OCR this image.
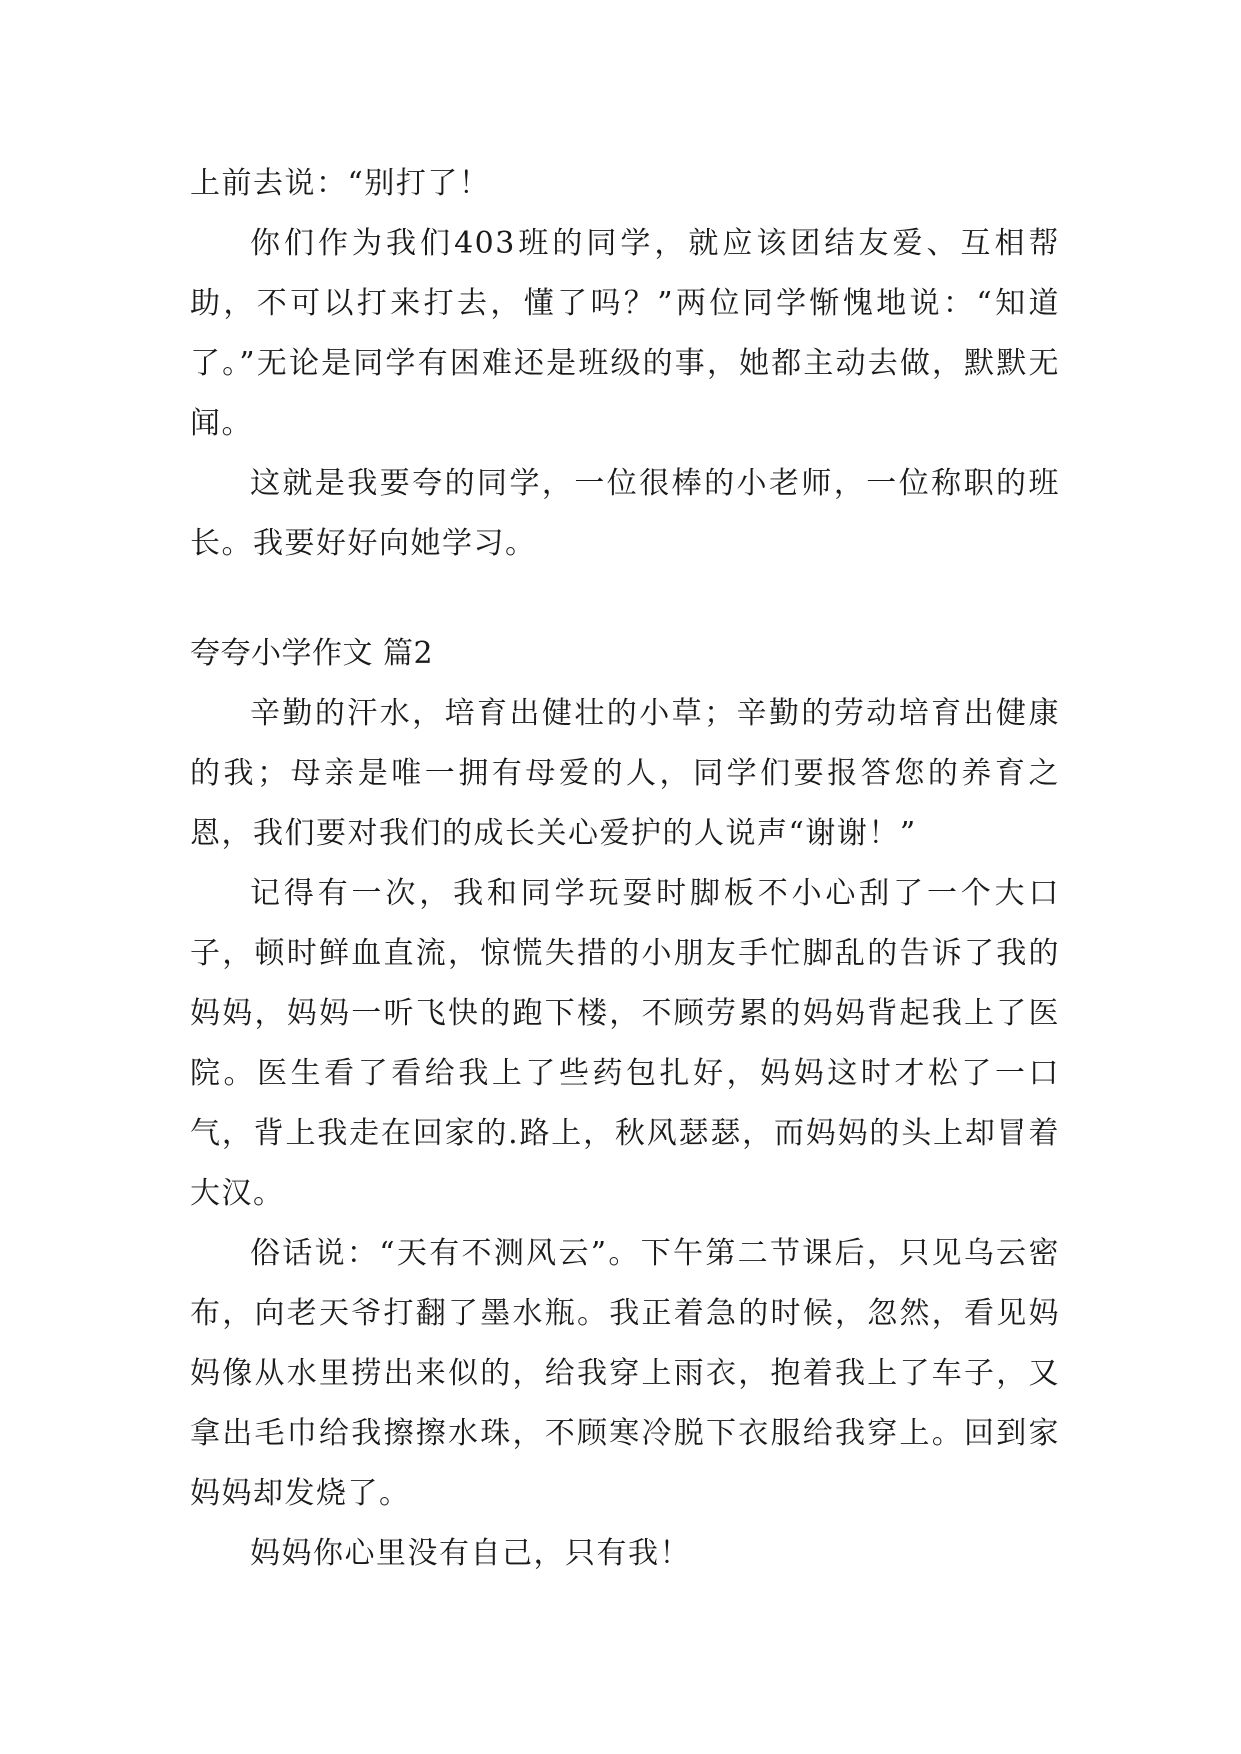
上前去说：“别打了！

你们作为我们403班的同学，就应该团结友爱、互相帮助，不可以打来打去，懂了吗？”两位同学惭愧地说：“知道了。”无论是同学有困难还是班级的事，她都主动去做，默默无闻。

这就是我要夸的同学，一位很棒的小老师，一位称职的班长。我要好好向她学习。

夸夸小学作文 篇2

辛勤的汗水，培育出健壮的小草；辛勤的劳动培育出健康的我；母亲是唯一拥有母爱的人，同学们要报答您的养育之恩，我们要对我们的成长关心爱护的人说声“谢谢！”

记得有一次，我和同学玩耍时脚板不小心刮了一个大口子，顿时鲜血直流，惊慌失措的小朋友手忙脚乱的告诉了我的妈妈，妈妈一听飞快的跑下楼，不顾劳累的妈妈背起我上了医院。医生看了看给我上了些药包扎好，妈妈这时才松了一口气，背上我走在回家的.路上，秋风瑟瑟，而妈妈的头上却冒着大汉。

俗话说：“天有不测风云”。下午第二节课后，只见乌云密布，向老天爷打翻了墨水瓶。我正着急的时候，忽然，看见妈妈像从水里捞出来似的，给我穿上雨衣，抱着我上了车子，又拿出毛巾给我擦擦水珠，不顾寒冷脱下衣服给我穿上。回到家妈妈却发烧了。

妈妈你心里没有自己，只有我！
